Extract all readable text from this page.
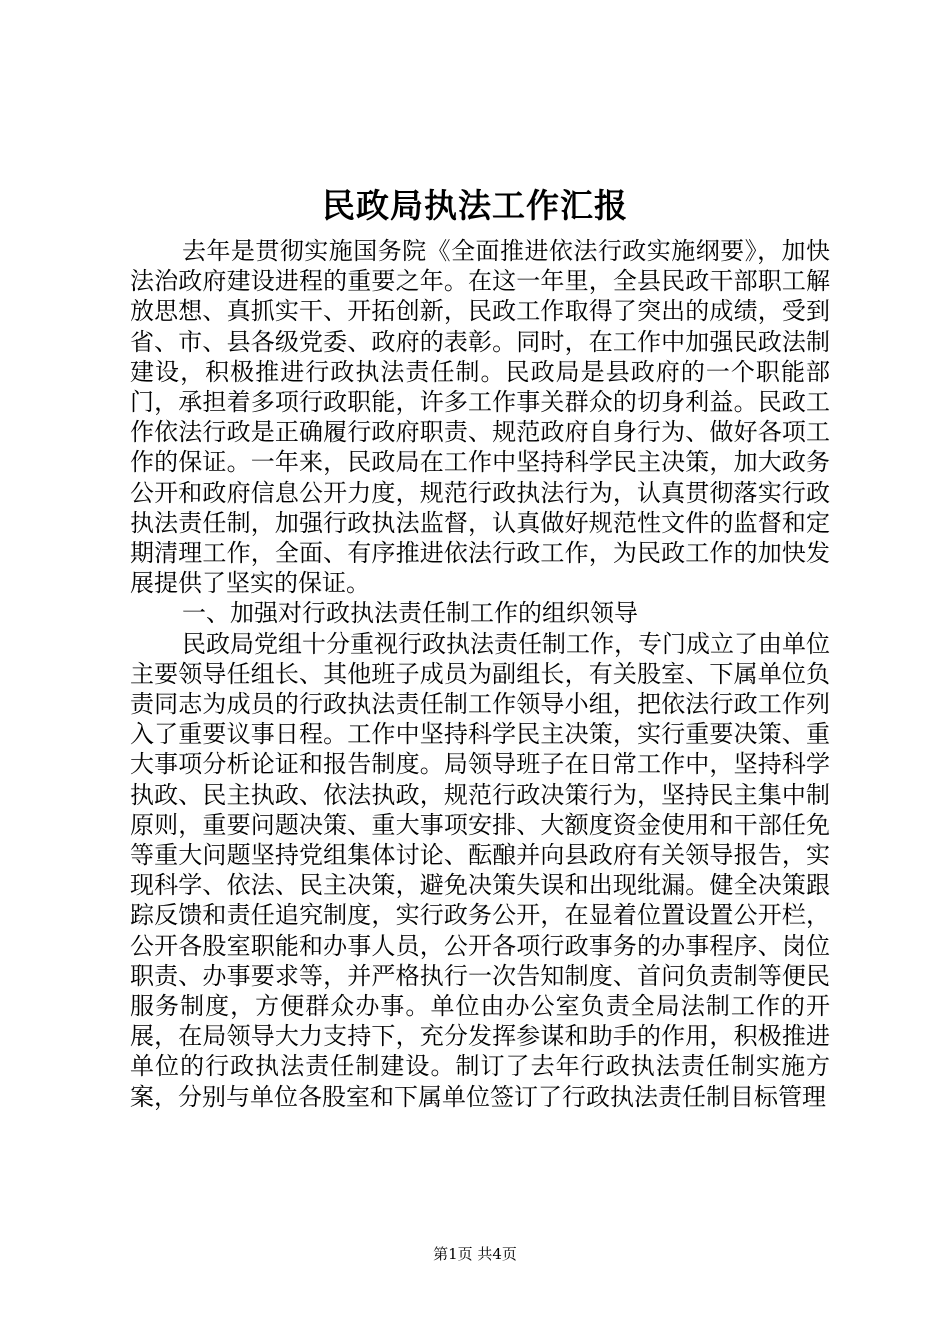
民政局执法工作汇报

去年是贯彻实施国务院《全面推进依法行政实施纲要》，加快法治政府建设进程的重要之年。在这一年里，全县民政干部职工解放思想、真抓实干、开拓创新，民政工作取得了突出的成绩，受到省、市、县各级党委、政府的表彰。同时，在工作中加强民政法制建设，积极推进行政执法责任制。民政局是县政府的一个职能部门，承担着多项行政职能，许多工作事关群众的切身利益。民政工作依法行政是正确履行政府职责、规范政府自身行为、做好各项工作的保证。一年来，民政局在工作中坚持科学民主决策，加大政务公开和政府信息公开力度，规范行政执法行为，认真贯彻落实行政执法责任制，加强行政执法监督，认真做好规范性文件的监督和定期清理工作，全面、有序推进依法行政工作，为民政工作的加快发展提供了坚实的保证。

一、加强对行政执法责任制工作的组织领导

民政局党组十分重视行政执法责任制工作，专门成立了由单位主要领导任组长、其他班子成员为副组长，有关股室、下属单位负责同志为成员的行政执法责任制工作领导小组，把依法行政工作列入了重要议事日程。工作中坚持科学民主决策，实行重要决策、重大事项分析论证和报告制度。局领导班子在日常工作中，坚持科学执政、民主执政、依法执政，规范行政决策行为，坚持民主集中制原则，重要问题决策、重大事项安排、大额度资金使用和干部任免等重大问题坚持党组集体讨论、酝酿并向县政府有关领导报告，实现科学、依法、民主决策，避免决策失误和出现纰漏。健全决策跟踪反馈和责任追究制度，实行政务公开，在显着位置设置公开栏，公开各股室职能和办事人员，公开各项行政事务的办事程序、岗位职责、办事要求等，并严格执行一次告知制度、首问负责制等便民服务制度，方便群众办事。单位由办公室负责全局法制工作的开展，在局领导大力支持下，充分发挥参谋和助手的作用，积极推进单位的行政执法责任制建设。制订了去年行政执法责任制实施方案，分别与单位各股室和下属单位签订了行政执法责任制目标管理

第1页 共4页
